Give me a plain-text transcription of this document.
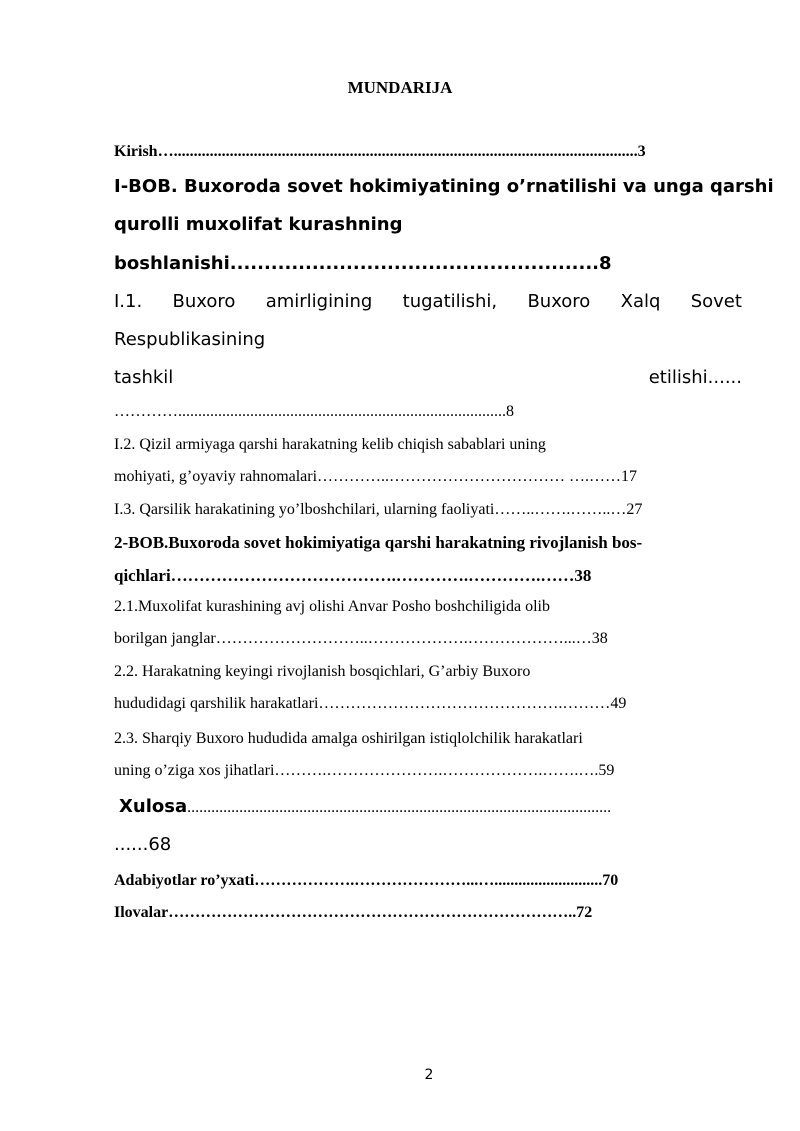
MUNDARIJA
Kirish…....................................................................................................................3
I-BOB. Buxoroda sovet hokimiyatining o’rnatilishi va unga qarshi
qurolli muxolifat kurashning
boshlanishi......................................................8
I.1. Buxoro amirligining tugatilishi, Buxoro Xalq Sovet
Respublikasining
tashkil	etilishi......
…………..................................................................................8
I.2. Qizil armiyaga qarshi harakatning kelib chiqish sabablari uning
mohiyati, g’oyaviy rahnomalari…………..…………………………… ….……17
I.3. Qarsilik harakatining yo’lboshchilari, ularning faoliyati……..…….……..…27
2-BOB.Buxoroda sovet hokimiyatiga qarshi harakatning rivojlanish bos-
qichlari………………………………….………….………….……38
2.1.Muxolifat kurashining avj olishi Anvar Posho boshchiligida olib
borilgan janglar………………………..……………….………………...…38
2.2. Harakatning keyingi rivojlanish bosqichlari, G’arbiy Buxoro
hududidagi qarshilik harakatlari……………………………………….………49
2.3. Sharqiy Buxoro hududida amalga oshirilgan istiqlolchilik harakatlari
uning o’ziga xos jihatlari……….………………….……………….…….….59
Xulosa..........................................................................................................
......68
Adabiyotlar ro’yxati……………….…………………...…...........................70
Ilovalar…………………………………………………………………..72
2
